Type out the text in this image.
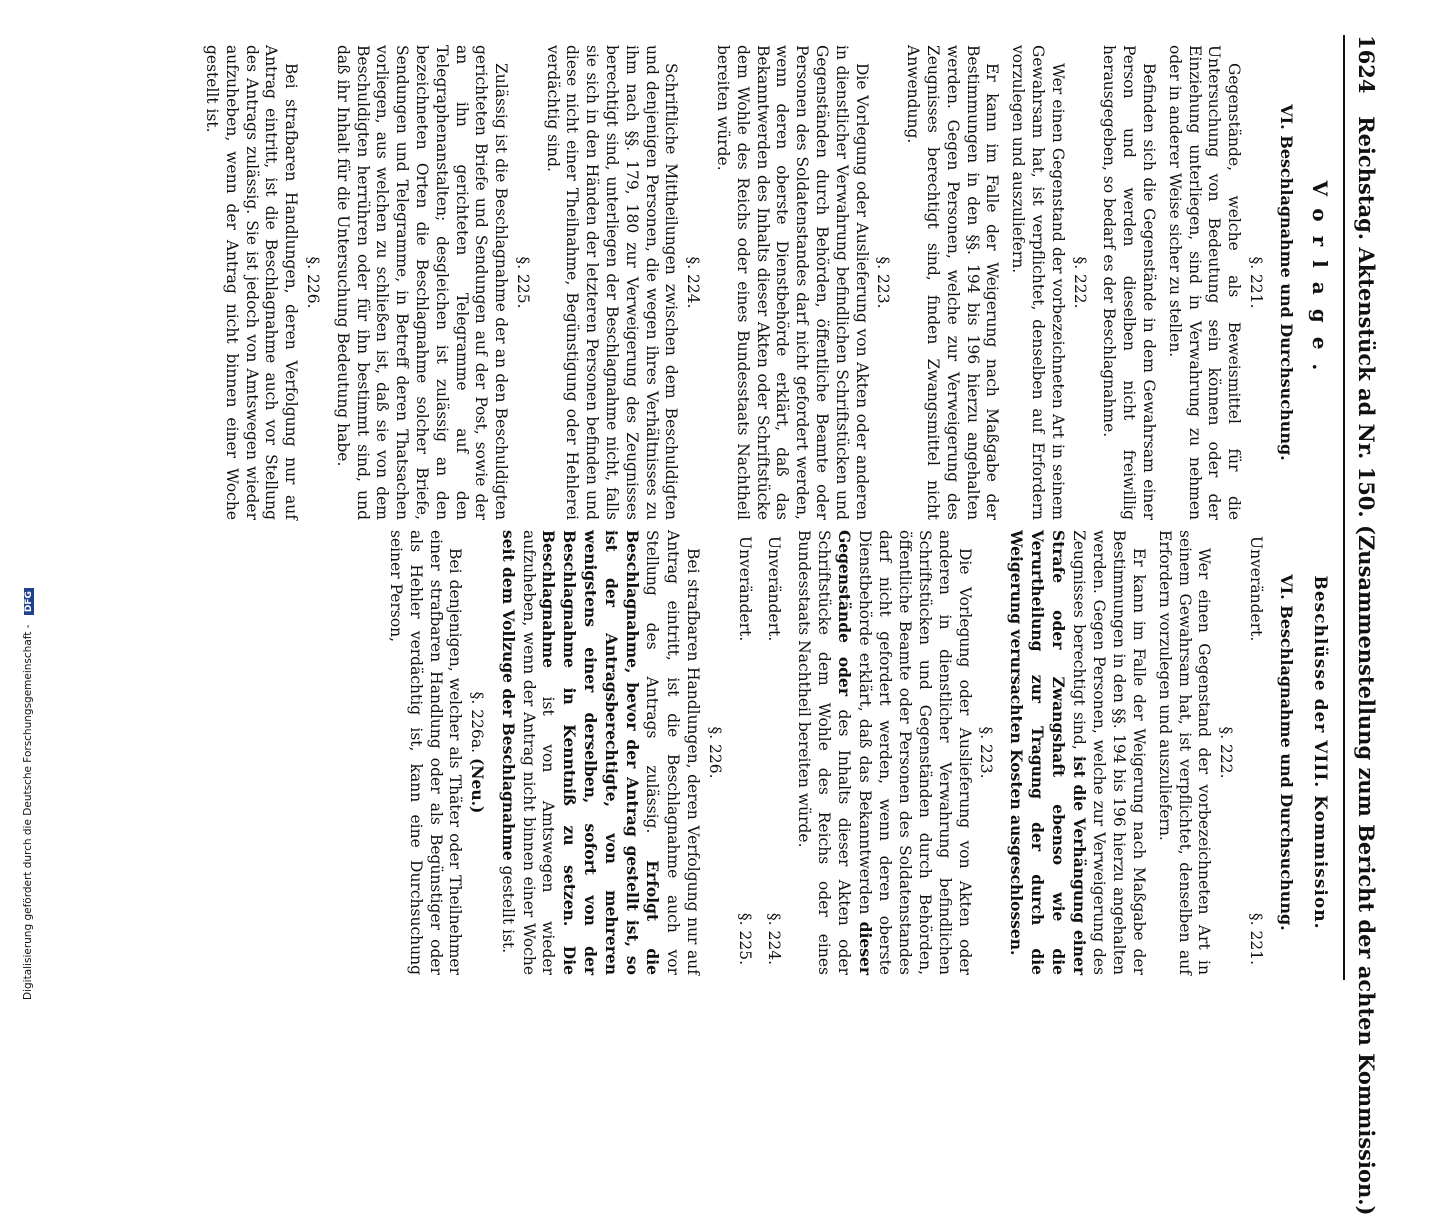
1624 Reichstag. Aktenstück ad Nr. 150. (Zusammenstellung zum Bericht der achten Kommission.)
Vorlage.
VI. Beschlagnahme und Durchsuchung.
§. 221.

Gegenstände, welche als Beweismittel für die Untersuchung von Bedeutung sein können oder der Einziehung unterliegen, sind in Verwahrung zu nehmen oder in anderer Weise sicher zu stellen.

Befinden sich die Gegenstände in dem Gewahrsam einer Person und werden dieselben nicht freiwillig herausgegeben, so bedarf es der Beschlagnahme.

§. 222.

Wer einen Gegenstand der vorbezeichneten Art in seinem Gewahrsam hat, ist verpflichtet, denselben auf Erfordern vorzulegen und auszuliefern.

Er kann im Falle der Weigerung nach Maßgabe der Bestimmungen in den §§. 194 bis 196 hierzu angehalten werden. Gegen Personen, welche zur Verweigerung des Zeugnisses berechtigt sind, finden Zwangsmittel nicht Anwendung.

§. 223.

Die Vorlegung oder Auslieferung von Akten oder anderen in dienstlicher Verwahrung befindlichen Schriftstücken und Gegenständen durch Behörden, öffentliche Beamte oder Personen des Soldatenstandes darf nicht gefordert werden, wenn deren oberste Dienstbehörde erklärt, daß das Bekanntwerden des Inhalts dieser Akten oder Schriftstücke dem Wohle des Reichs oder eines Bundesstaats Nachtheil bereiten würde.

§. 224.

Schriftliche Mittheilungen zwischen dem Beschuldigten und denjenigen Personen, die wegen ihres Verhältnisses zu ihm nach §§. 179, 180 zur Verweigerung des Zeugnisses berechtigt sind, unterliegen der Beschlagnahme nicht, falls sie sich in den Händen der letzteren Personen befinden und diese nicht einer Theilnahme, Begünstigung oder Hehlerei verdächtig sind.

§. 225.

Zulässig ist die Beschlagnahme der an den Beschuldigten gerichteten Briefe und Sendungen auf der Post, sowie der an ihn gerichteten Telegramme auf den Telegraphenanstalten; desgleichen ist zulässig an den bezeichneten Orten die Beschlagnahme solcher Briefe, Sendungen und Telegramme, in Betreff deren Thatsachen vorliegen, aus welchen zu schließen ist, daß sie von dem Beschuldigten herrühren oder für ihn bestimmt sind, und daß ihr Inhalt für die Untersuchung Bedeutung habe.

§. 226.

Bei strafbaren Handlungen, deren Verfolgung nur auf Antrag eintritt, ist die Beschlagnahme auch vor Stellung des Antrags zulässig. Sie ist jedoch von Amtswegen wieder aufzuheben, wenn der Antrag nicht binnen einer Woche gestellt ist.

Beschlüsse der VIII. Kommission.
VI. Beschlagnahme und Durchsuchung.
Unverändert.
§. 221.
§. 222.

Wer einen Gegenstand der vorbezeichneten Art in seinem Gewahrsam hat, ist verpflichtet, denselben auf Erfordern vorzulegen und auszuliefern.

Er kann im Falle der Weigerung nach Maßgabe der Bestimmungen in den §§. 194 bis 196 hierzu angehalten werden. Gegen Personen, welche zur Verweigerung des Zeugnisses berechtigt sind, ist die Verhängung einer Strafe oder Zwangshaft ebenso wie die Verurtheilung zur Tragung der durch die Weigerung verursachten Kosten ausgeschlossen.

§. 223.

Die Vorlegung oder Auslieferung von Akten oder anderen in dienstlicher Verwahrung befindlichen Schriftstücken und Gegenständen durch Behörden, öffentliche Beamte oder Personen des Soldatenstandes darf nicht gefordert werden, wenn deren oberste Dienstbehörde erklärt, daß das Bekanntwerden dieser Gegenstände oder des Inhalts dieser Akten oder Schriftstücke dem Wohle des Reichs oder eines Bundesstaats Nachtheil bereiten würde.

Unverändert.
§. 224.
Unverändert.
§. 225.
§. 226.

Bei strafbaren Handlungen, deren Verfolgung nur auf Antrag eintritt, ist die Beschlagnahme auch vor Stellung des Antrags zulässig. Erfolgt die Beschlagnahme, bevor der Antrag gestellt ist, so ist der Antragsberechtigte, von mehreren wenigstens einer derselben, sofort von der Beschlagnahme in Kenntniß zu setzen. Die Beschlagnahme ist von Amtswegen wieder aufzuheben, wenn der Antrag nicht binnen einer Woche seit dem Vollzuge der Beschlagnahme gestellt ist.

§. 226a. (Neu.)

Bei denjenigen, welcher als Thäter oder Theilnehmer einer strafbaren Handlung oder als Begünstiger oder als Hehler verdächtig ist, kann eine Durchsuchung seiner Person,

Digitalisierung gefördert durch die Deutsche Forschungsgemeinschaft - DFG
